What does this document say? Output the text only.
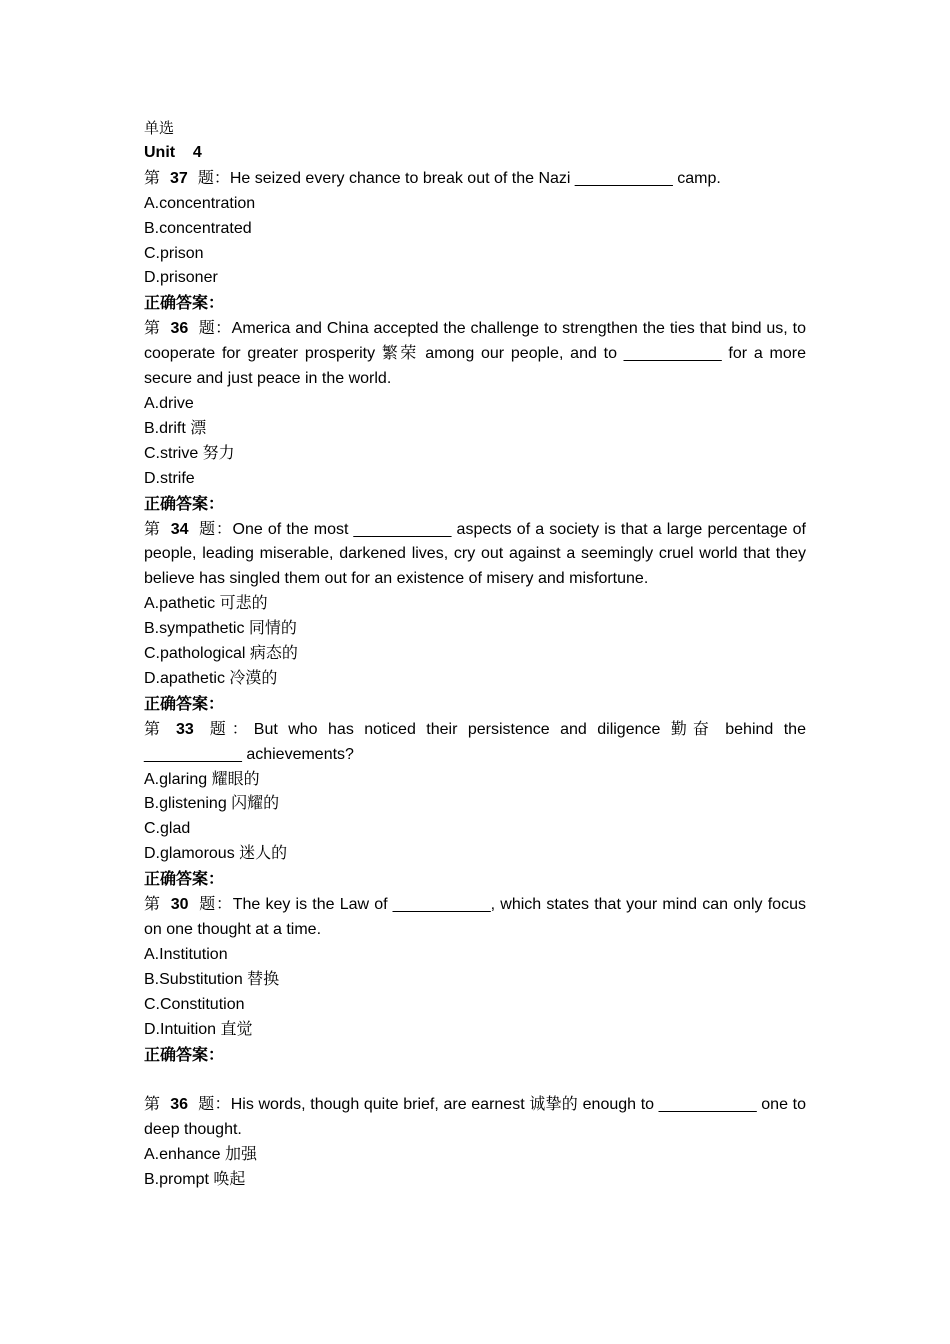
单选
Unit 4
第 37 题：He seized every chance to break out of the Nazi ___________ camp.
A.concentration
B.concentrated
C.prison
D.prisoner
正确答案：
第 36 题：America and China accepted the challenge to strengthen the ties that bind us, to cooperate for greater prosperity 繁荣 among our people, and to ___________ for a more secure and just peace in the world.
A.drive
B.drift 漂
C.strive 努力
D.strife
正确答案：
第 34 题：One of the most ___________ aspects of a society is that a large percentage of people, leading miserable, darkened lives, cry out against a seemingly cruel world that they believe has singled them out for an existence of misery and misfortune.
A.pathetic 可悲的
B.sympathetic 同情的
C.pathological 病态的
D.apathetic 冷漠的
正确答案：
第 33 题：But who has noticed their persistence and diligence 勤奋 behind the ___________ achievements?
A.glaring 耀眼的
B.glistening 闪耀的
C.glad
D.glamorous 迷人的
正确答案：
第 30 题：The key is the Law of ___________, which states that your mind can only focus on one thought at a time.
A.Institution
B.Substitution 替换
C.Constitution
D.Intuition 直觉
正确答案：
第 36 题：His words, though quite brief, are earnest 诚挚的 enough to ___________ one to deep thought.
A.enhance 加强
B.prompt 唤起
